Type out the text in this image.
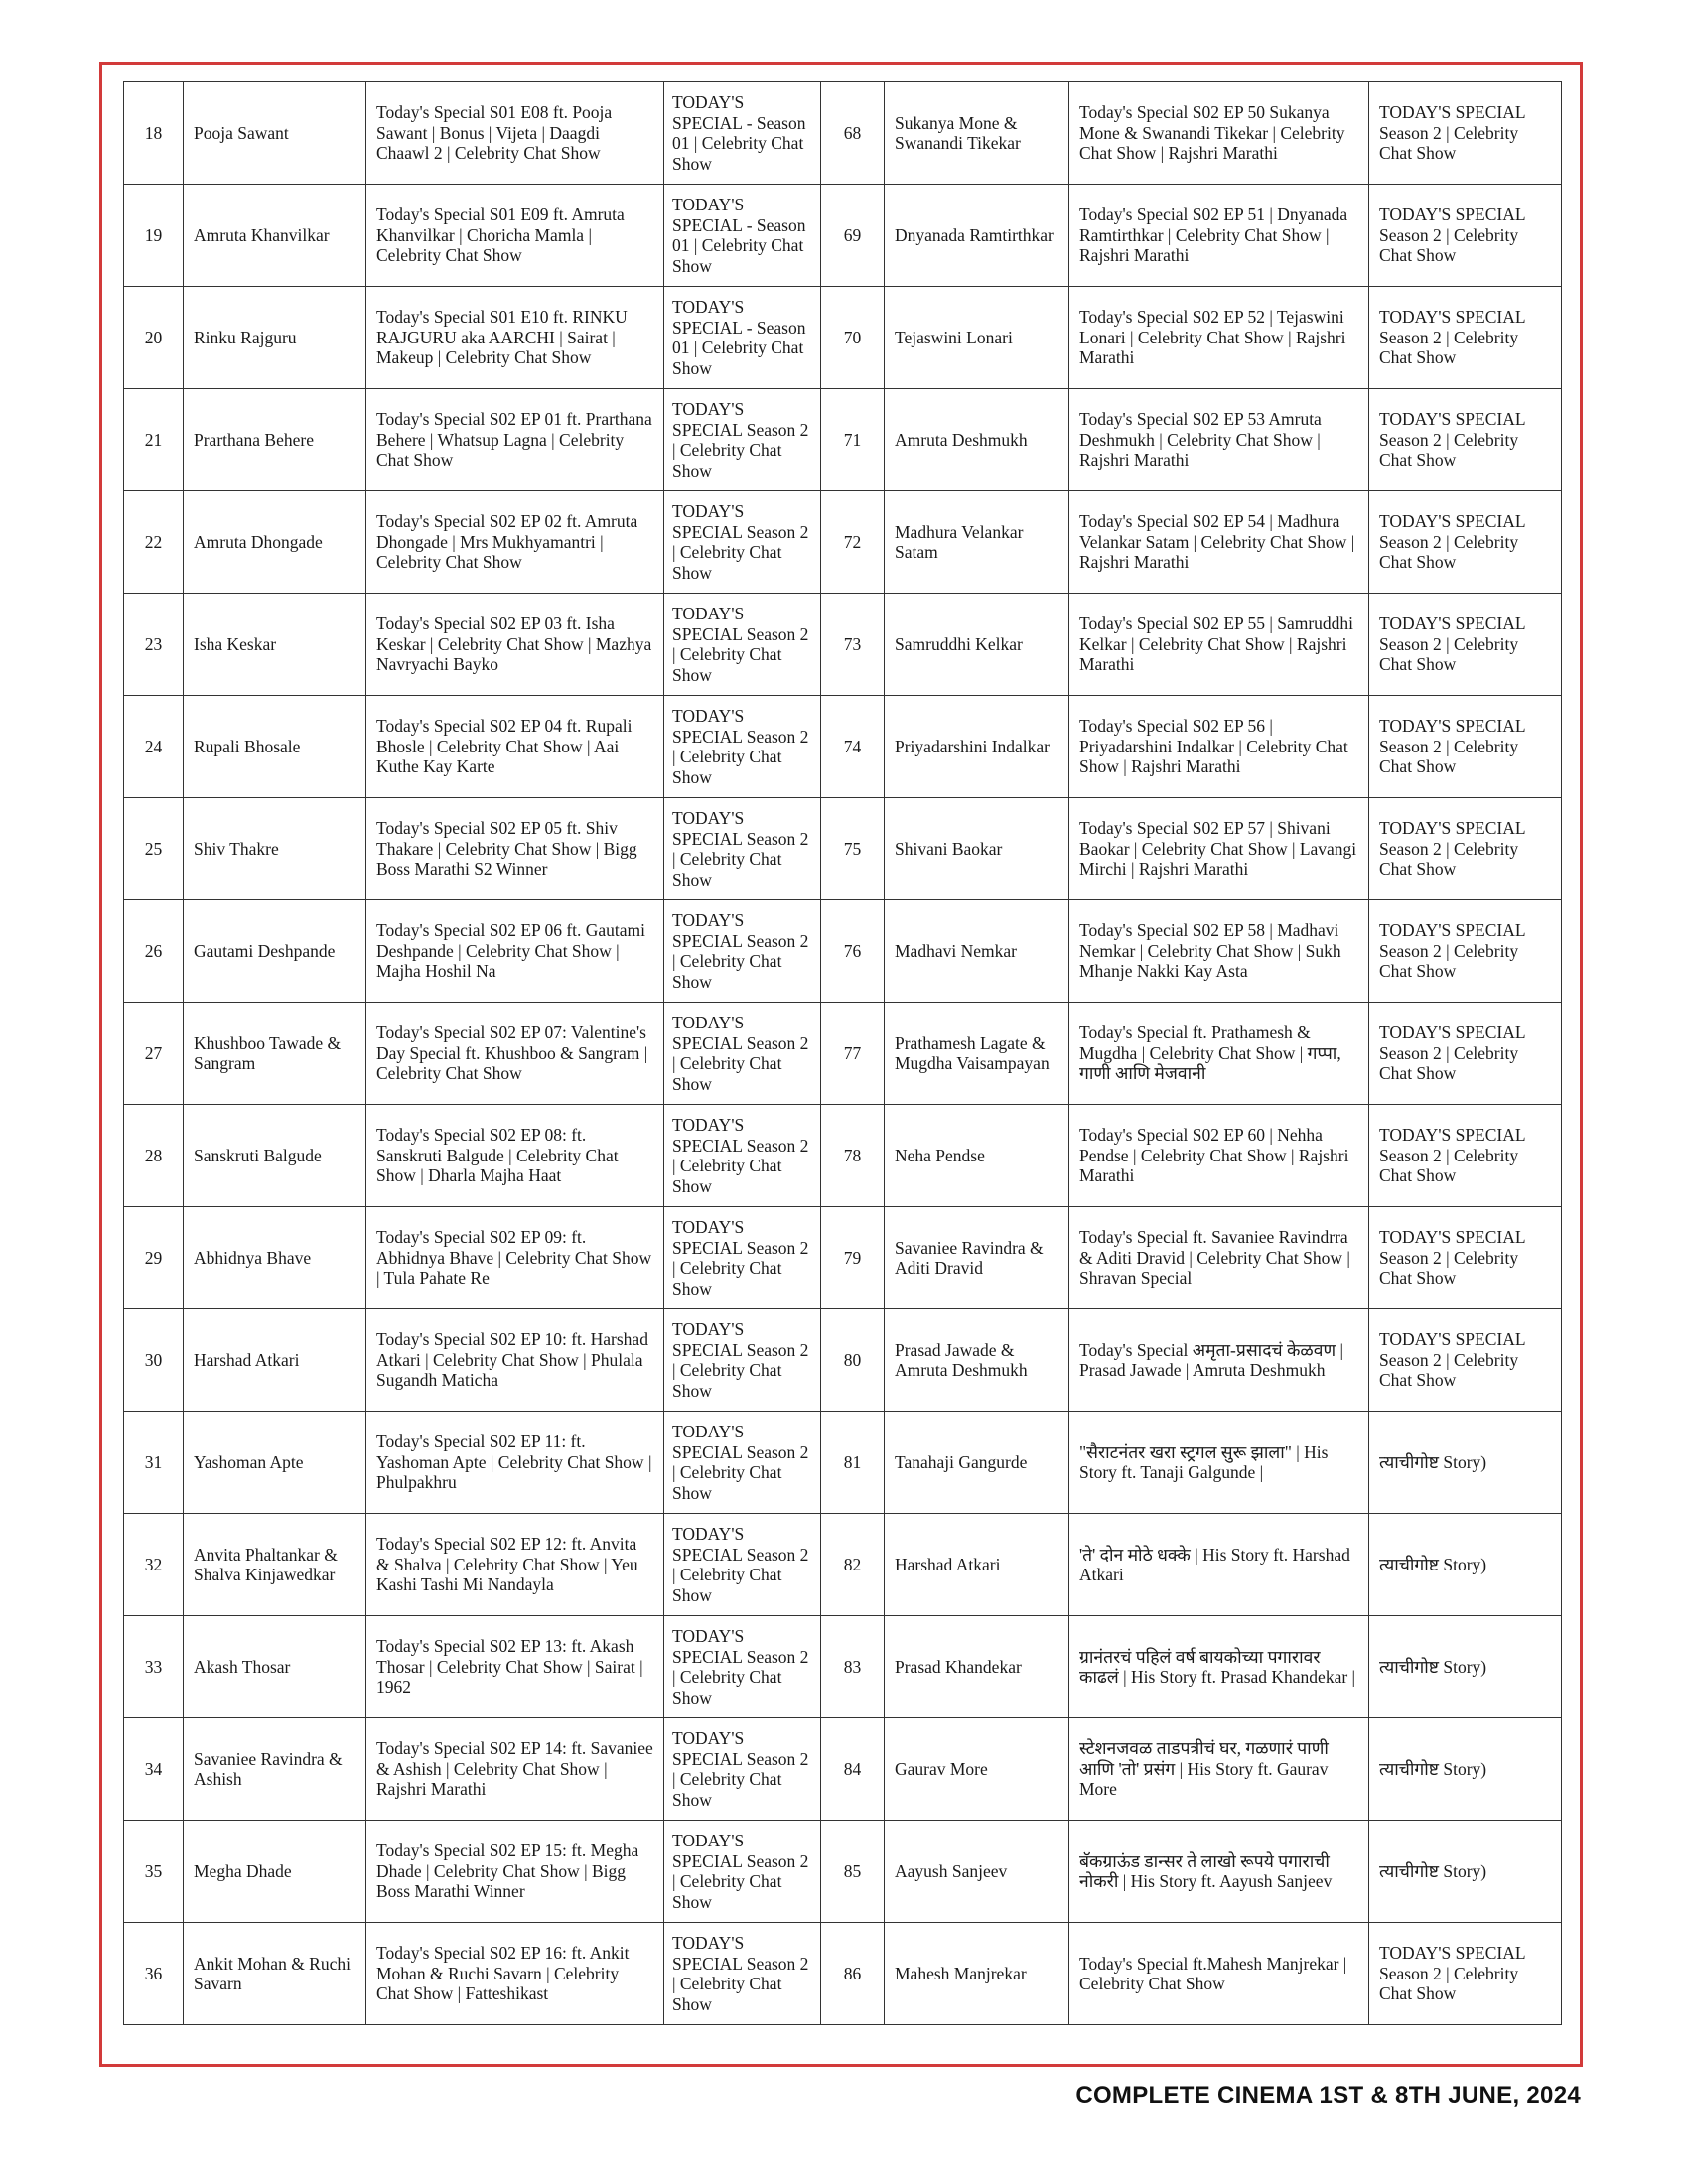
18	Pooja Sawant	Today's Special S01 E08 ft. Pooja Sawant | Bonus | Vijeta | Daagdi Chaawl 2 | Celebrity Chat Show	TODAY'S SPECIAL - Season 01 | Celebrity Chat Show	68	Sukanya Mone & Swanandi Tikekar	Today's Special S02 EP 50 Sukanya Mone & Swanandi Tikekar | Celebrity Chat Show | Rajshri Marathi	TODAY'S SPECIAL Season 2 | Celebrity Chat Show
19	Amruta Khanvilkar	Today's Special S01 E09 ft. Amruta Khanvilkar | Choricha Mamla | Celebrity Chat Show	TODAY'S SPECIAL - Season 01 | Celebrity Chat Show	69	Dnyanada Ramtirthkar	Today's Special S02 EP 51 | Dnyanada Ramtirthkar | Celebrity Chat Show | Rajshri Marathi	TODAY'S SPECIAL Season 2 | Celebrity Chat Show
20	Rinku Rajguru	Today's Special S01 E10 ft. RINKU RAJGURU aka AARCHI | Sairat | Makeup | Celebrity Chat Show	TODAY'S SPECIAL - Season 01 | Celebrity Chat Show	70	Tejaswini Lonari	Today's Special S02 EP 52 | Tejaswini Lonari | Celebrity Chat Show | Rajshri Marathi	TODAY'S SPECIAL Season 2 | Celebrity Chat Show
21	Prarthana Behere	Today's Special S02 EP 01 ft. Prarthana Behere | Whatsup Lagna | Celebrity Chat Show	TODAY'S SPECIAL Season 2 | Celebrity Chat Show	71	Amruta Deshmukh	Today's Special S02 EP 53 Amruta Deshmukh | Celebrity Chat Show | Rajshri Marathi	TODAY'S SPECIAL Season 2 | Celebrity Chat Show
22	Amruta Dhongade	Today's Special S02 EP 02 ft. Amruta Dhongade | Mrs Mukhyamantri | Celebrity Chat Show	TODAY'S SPECIAL Season 2 | Celebrity Chat Show	72	Madhura Velankar Satam	Today's Special S02 EP 54 | Madhura Velankar Satam | Celebrity Chat Show | Rajshri Marathi	TODAY'S SPECIAL Season 2 | Celebrity Chat Show
23	Isha Keskar	Today's Special S02 EP 03 ft. Isha Keskar | Celebrity Chat Show | Mazhya Navryachi Bayko	TODAY'S SPECIAL Season 2 | Celebrity Chat Show	73	Samruddhi Kelkar	Today's Special S02 EP 55 | Samruddhi Kelkar | Celebrity Chat Show | Rajshri Marathi	TODAY'S SPECIAL Season 2 | Celebrity Chat Show
24	Rupali Bhosale	Today's Special S02 EP 04 ft. Rupali Bhosle | Celebrity Chat Show | Aai Kuthe Kay Karte	TODAY'S SPECIAL Season 2 | Celebrity Chat Show	74	Priyadarshini Indalkar	Today's Special S02 EP 56 | Priyadarshini Indalkar | Celebrity Chat Show | Rajshri Marathi	TODAY'S SPECIAL Season 2 | Celebrity Chat Show
25	Shiv Thakre	Today's Special S02 EP 05 ft. Shiv Thakare | Celebrity Chat Show | Bigg Boss Marathi S2 Winner	TODAY'S SPECIAL Season 2 | Celebrity Chat Show	75	Shivani Baokar	Today's Special S02 EP 57 | Shivani Baokar | Celebrity Chat Show | Lavangi Mirchi | Rajshri Marathi	TODAY'S SPECIAL Season 2 | Celebrity Chat Show
26	Gautami Deshpande	Today's Special S02 EP 06 ft. Gautami Deshpande | Celebrity Chat Show | Majha Hoshil Na	TODAY'S SPECIAL Season 2 | Celebrity Chat Show	76	Madhavi Nemkar	Today's Special S02 EP 58 | Madhavi Nemkar | Celebrity Chat Show | Sukh Mhanje Nakki Kay Asta	TODAY'S SPECIAL Season 2 | Celebrity Chat Show
27	Khushboo Tawade & Sangram	Today's Special S02 EP 07: Valentine's Day Special ft. Khushboo & Sangram | Celebrity Chat Show	TODAY'S SPECIAL Season 2 | Celebrity Chat Show	77	Prathamesh Lagate & Mugdha Vaisampayan	Today's Special ft. Prathamesh & Mugdha | Celebrity Chat Show | गप्पा, गाणी आणि मेजवानी	TODAY'S SPECIAL Season 2 | Celebrity Chat Show
28	Sanskruti Balgude	Today's Special S02 EP 08: ft. Sanskruti Balgude | Celebrity Chat Show | Dharla Majha Haat	TODAY'S SPECIAL Season 2 | Celebrity Chat Show	78	Neha Pendse	Today's Special S02 EP 60 | Nehha Pendse | Celebrity Chat Show | Rajshri Marathi	TODAY'S SPECIAL Season 2 | Celebrity Chat Show
29	Abhidnya Bhave	Today's Special S02 EP 09: ft. Abhidnya Bhave | Celebrity Chat Show | Tula Pahate Re	TODAY'S SPECIAL Season 2 | Celebrity Chat Show	79	Savaniee Ravindra & Aditi Dravid	Today's Special ft. Savaniee Ravindrra & Aditi Dravid | Celebrity Chat Show | Shravan Special	TODAY'S SPECIAL Season 2 | Celebrity Chat Show
30	Harshad Atkari	Today's Special S02 EP 10: ft. Harshad Atkari | Celebrity Chat Show | Phulala Sugandh Maticha	TODAY'S SPECIAL Season 2 | Celebrity Chat Show	80	Prasad Jawade & Amruta Deshmukh	Today's Special अमृता-प्रसादचं केळवण | Prasad Jawade | Amruta Deshmukh	TODAY'S SPECIAL Season 2 | Celebrity Chat Show
31	Yashoman Apte	Today's Special S02 EP 11: ft. Yashoman Apte | Celebrity Chat Show | Phulpakhru	TODAY'S SPECIAL Season 2 | Celebrity Chat Show	81	Tanahaji Gangurde	"सैराटनंतर खरा स्ट्रगल सुरू झाला" | His Story ft. Tanaji Galgunde |	त्याचीगोष्ट Story)
32	Anvita Phaltankar & Shalva Kinjawedkar	Today's Special S02 EP 12: ft. Anvita & Shalva | Celebrity Chat Show | Yeu Kashi Tashi Mi Nandayla	TODAY'S SPECIAL Season 2 | Celebrity Chat Show	82	Harshad Atkari	'ते' दोन मोठे धक्के | His Story ft. Harshad Atkari	त्याचीगोष्ट Story)
33	Akash Thosar	Today's Special S02 EP 13: ft. Akash Thosar | Celebrity Chat Show | Sairat | 1962	TODAY'S SPECIAL Season 2 | Celebrity Chat Show	83	Prasad Khandekar	ग्रानंतरचं पहिलं वर्ष बायकोच्या पगारावर काढलं | His Story ft. Prasad Khandekar |	त्याचीगोष्ट Story)
34	Savaniee Ravindra & Ashish	Today's Special S02 EP 14: ft. Savaniee & Ashish | Celebrity Chat Show | Rajshri Marathi	TODAY'S SPECIAL Season 2 | Celebrity Chat Show	84	Gaurav More	स्टेशनजवळ ताडपत्रीचं घर, गळणारं पाणी आणि 'तो' प्रसंग | His Story ft. Gaurav More	त्याचीगोष्ट Story)
35	Megha Dhade	Today's Special S02 EP 15: ft. Megha Dhade | Celebrity Chat Show | Bigg Boss Marathi Winner	TODAY'S SPECIAL Season 2 | Celebrity Chat Show	85	Aayush Sanjeev	बॅकग्राऊंड डान्सर ते लाखो रूपये पगाराची नोकरी | His Story ft. Aayush Sanjeev	त्याचीगोष्ट Story)
36	Ankit Mohan & Ruchi Savarn	Today's Special S02 EP 16: ft. Ankit Mohan & Ruchi Savarn | Celebrity Chat Show | Fatteshikast	TODAY'S SPECIAL Season 2 | Celebrity Chat Show	86	Mahesh Manjrekar	Today's Special ft.Mahesh Manjrekar | Celebrity Chat Show	TODAY'S SPECIAL Season 2 | Celebrity Chat Show
COMPLETE CINEMA 1ST & 8TH JUNE, 2024
